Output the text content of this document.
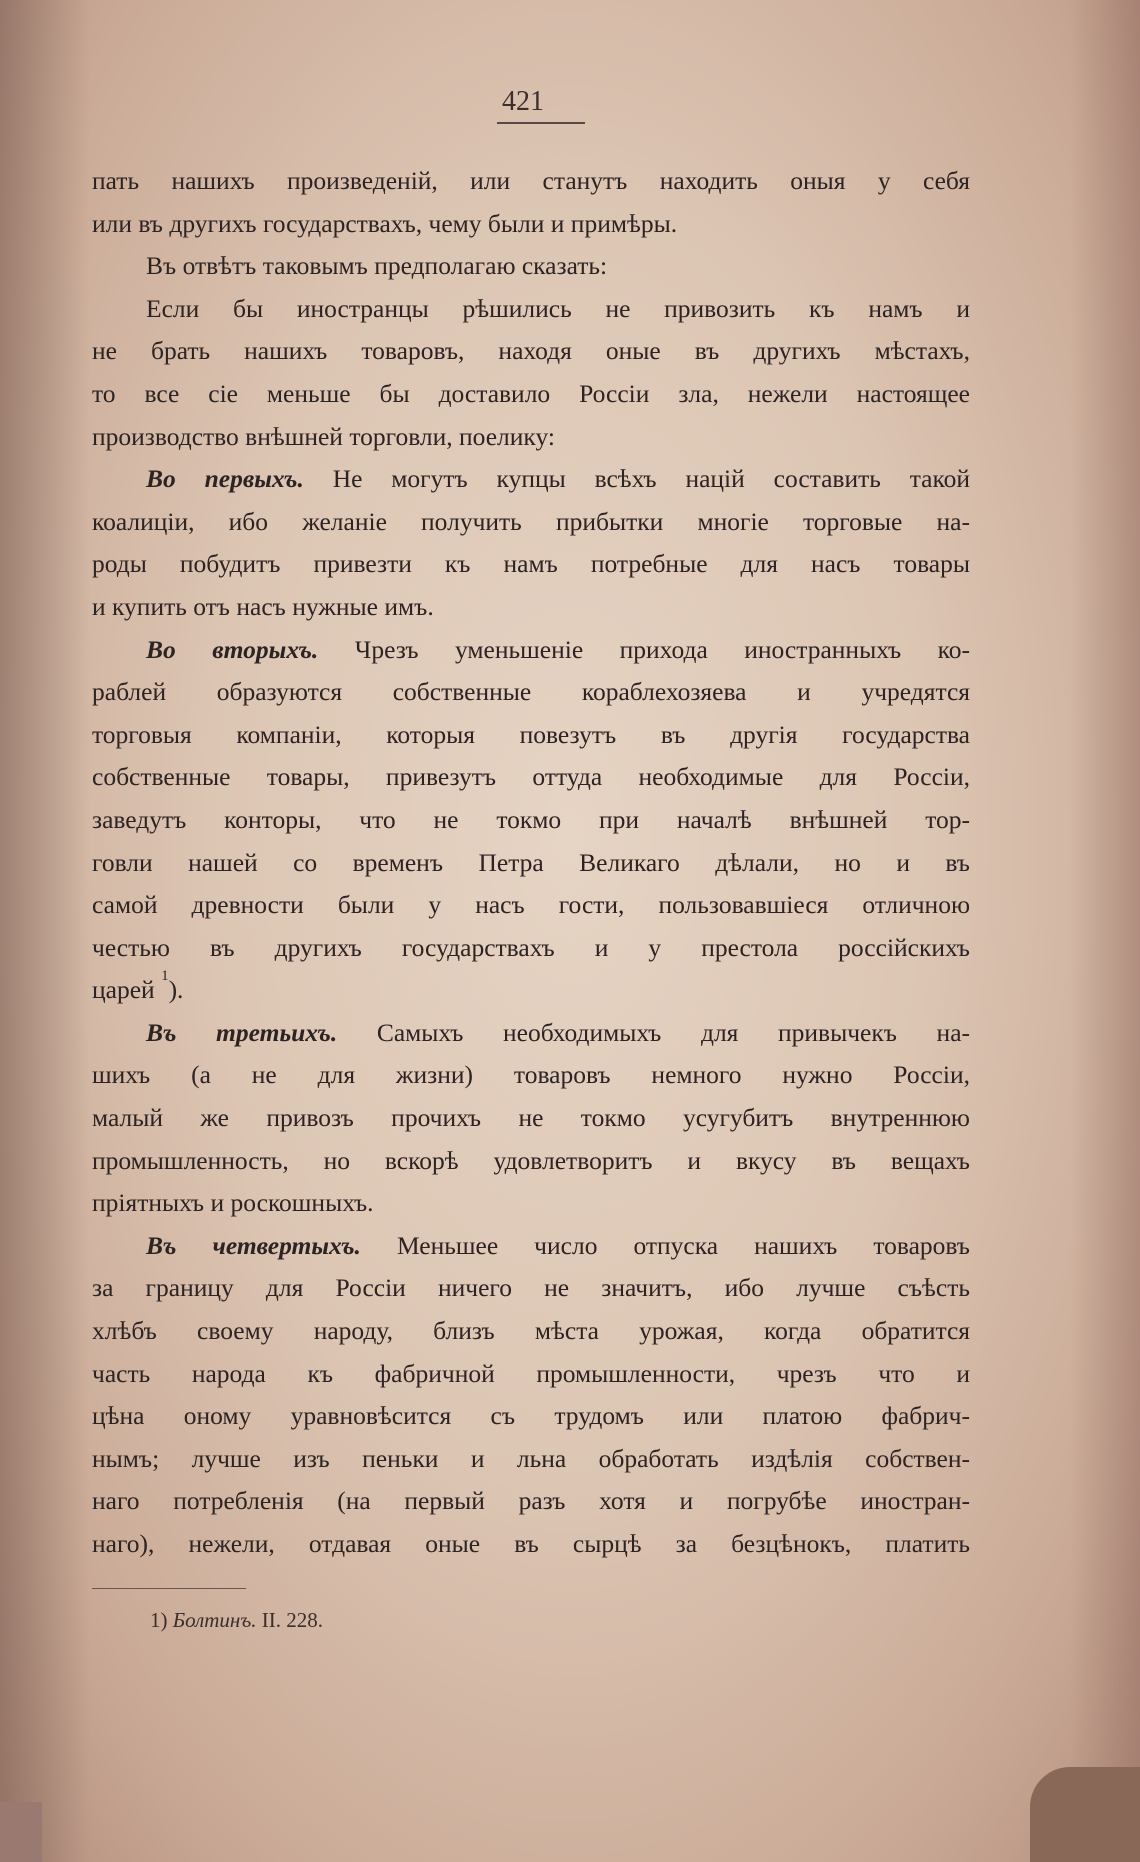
421

пать нашихъ произведеній, или станутъ находить оныя у себя

или въ другихъ государствахъ, чему были и примѣры.

Въ отвѣтъ таковымъ предполагаю сказать:

Если бы иностранцы рѣшились не привозить къ намъ и

не брать нашихъ товаровъ, находя оные въ другихъ мѣстахъ,

то все сіе меньше бы доставило Россіи зла, нежели настоящее

производство внѣшней торговли, поелику:

Во первыхъ. Не могутъ купцы всѣхъ націй составить такой

коалиціи, ибо желаніе получить прибытки многіе торговые на-

роды побудитъ привезти къ намъ потребные для насъ товары

и купить отъ насъ нужные имъ.

Во вторыхъ. Чрезъ уменьшеніе прихода иностранныхъ ко-

раблей образуются собственные кораблехозяева и учредятся

торговыя компаніи, которыя повезутъ въ другія государства

собственные товары, привезутъ оттуда необходимые для Россіи,

заведутъ конторы, что не токмо при началѣ внѣшней тор-

говли нашей со временъ Петра Великаго дѣлали, но и въ

самой древности были у насъ гости, пользовавшіеся отличною

честью въ другихъ государствахъ и у престола россійскихъ

царей $^1$).

Въ третьихъ. Самыхъ необходимыхъ для привычекъ на-

шихъ (а не для жизни) товаровъ немного нужно Россіи,

малый же привозъ прочихъ не токмо усугубитъ внутреннюю

промышленность, но вскорѣ удовлетворитъ и вкусу въ вещахъ

пріятныхъ и роскошныхъ.

Въ четвертыхъ. Меньшее число отпуска нашихъ товаровъ

за границу для Россіи ничего не значитъ, ибо лучше съѣсть

хлѣбъ своему народу, близъ мѣста урожая, когда обратится

часть народа къ фабричной промышленности, чрезъ что и

цѣна оному уравновѣсится съ трудомъ или платою фабрич-

нымъ; лучше изъ пеньки и льна обработать издѣлія собствен-

наго потребленія (на первый разъ хотя и погрубѣе иностран-

наго), нежели, отдавая оные въ сырцѣ за безцѣнокъ, платить

1) Болтинъ. II. 228.
